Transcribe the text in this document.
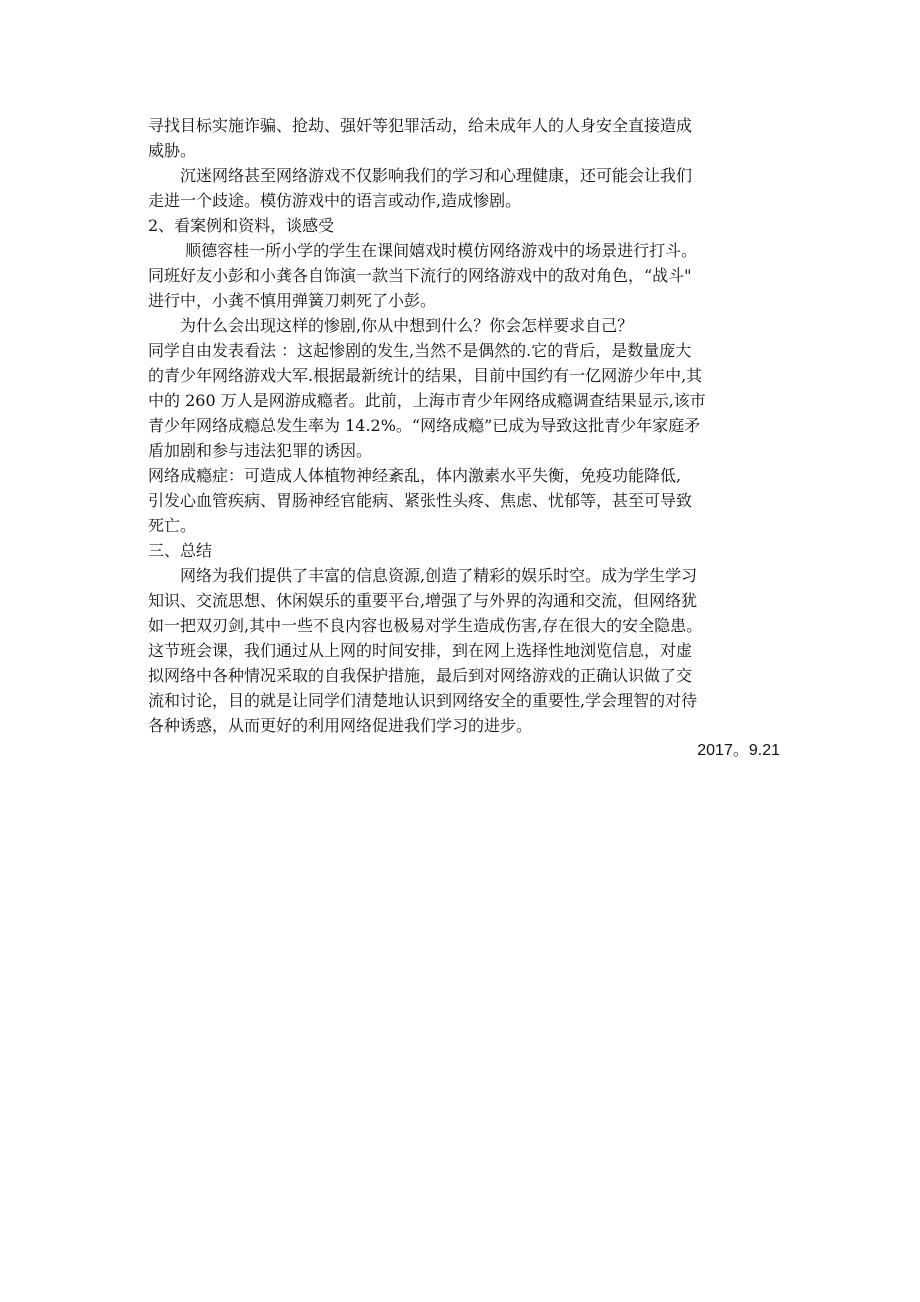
寻找目标实施诈骗、抢劫、强奸等犯罪活动，给未成年人的人身安全直接造成
威胁。
　　沉迷网络甚至网络游戏不仅影响我们的学习和心理健康，还可能会让我们
走进一个歧途。模仿游戏中的语言或动作,造成惨剧。
2、看案例和资料，谈感受
　　 顺德容桂一所小学的学生在课间嬉戏时模仿网络游戏中的场景进行打斗。
同班好友小彭和小龚各自饰演一款当下流行的网络游戏中的敌对角色，“战斗"
进行中，小龚不慎用弹簧刀刺死了小彭。
　　为什么会出现这样的惨剧,你从中想到什么？你会怎样要求自己？
同学自由发表看法 ：这起惨剧的发生,当然不是偶然的.它的背后，是数量庞大
的青少年网络游戏大军.根据最新统计的结果，目前中国约有一亿网游少年中,其
中的 260 万人是网游成瘾者。此前，上海市青少年网络成瘾调查结果显示,该市
青少年网络成瘾总发生率为 14.2%。“网络成瘾”已成为导致这批青少年家庭矛
盾加剧和参与违法犯罪的诱因。
网络成瘾症：可造成人体植物神经紊乱，体内激素水平失衡，免疫功能降低,
引发心血管疾病、胃肠神经官能病、紧张性头疼、焦虑、忧郁等，甚至可导致
死亡。
三、总结
　　网络为我们提供了丰富的信息资源,创造了精彩的娱乐时空。成为学生学习
知识、交流思想、休闲娱乐的重要平台,增强了与外界的沟通和交流，但网络犹
如一把双刃剑,其中一些不良内容也极易对学生造成伤害,存在很大的安全隐患。
这节班会课，我们通过从上网的时间安排，到在网上选择性地浏览信息，对虚
拟网络中各种情况采取的自我保护措施，最后到对网络游戏的正确认识做了交
流和讨论，目的就是让同学们清楚地认识到网络安全的重要性,学会理智的对待
各种诱惑，从而更好的利用网络促进我们学习的进步。
2017。9.21
